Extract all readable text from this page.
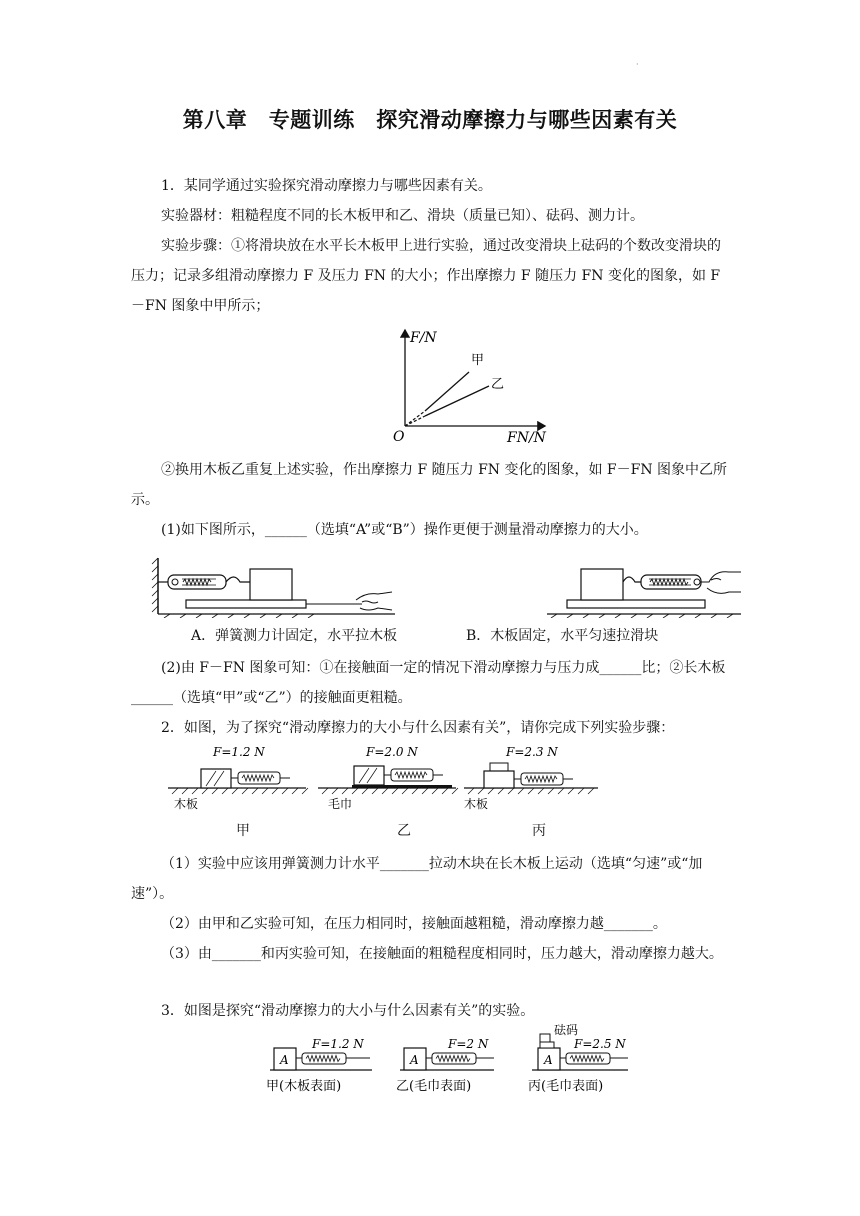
·
第八章　专题训练　探究滑动摩擦力与哪些因素有关
1．某同学通过实验探究滑动摩擦力与哪些因素有关。
实验器材：粗糙程度不同的长木板甲和乙、滑块（质量已知）、砝码、测力计。
实验步骤：①将滑块放在水平长木板甲上进行实验，通过改变滑块上砝码的个数改变滑块的压力；记录多组滑动摩擦力 F 及压力 FN 的大小；作出摩擦力 F 随压力 FN 变化的图象，如 F－FN 图象中甲所示；
F/N
O	FN/N
甲
乙
②换用木板乙重复上述实验，作出摩擦力 F 随压力 FN 变化的图象，如 F－FN 图象中乙所示。
(1)如下图所示，______（选填“A”或“B”）操作更便于测量滑动摩擦力的大小。
A．弹簧测力计固定，水平拉木板	B．木板固定，水平匀速拉滑块
(2)由 F－FN 图象可知：①在接触面一定的情况下滑动摩擦力与压力成______比；②长木板______（选填“甲”或“乙”）的接触面更粗糙。
2．如图，为了探究“滑动摩擦力的大小与什么因素有关”，请你完成下列实验步骤：
F=1.2 N
木板
F=2.0 N
毛巾
F=2.3 N
木板
甲	乙	丙
（1）实验中应该用弹簧测力计水平_______拉动木块在长木板上运动（选填“匀速”或“加速”）。
（2）由甲和乙实验可知，在压力相同时，接触面越粗糙，滑动摩擦力越_______。
（3）由_______和丙实验可知，在接触面的粗糙程度相同时，压力越大，滑动摩擦力越大。
3．如图是探究“滑动摩擦力的大小与什么因素有关”的实验。
A
F=1.2 N
甲(木板表面)
A
F=2 N
乙(毛巾表面)
A
砝码
F=2.5 N
丙(毛巾表面)
